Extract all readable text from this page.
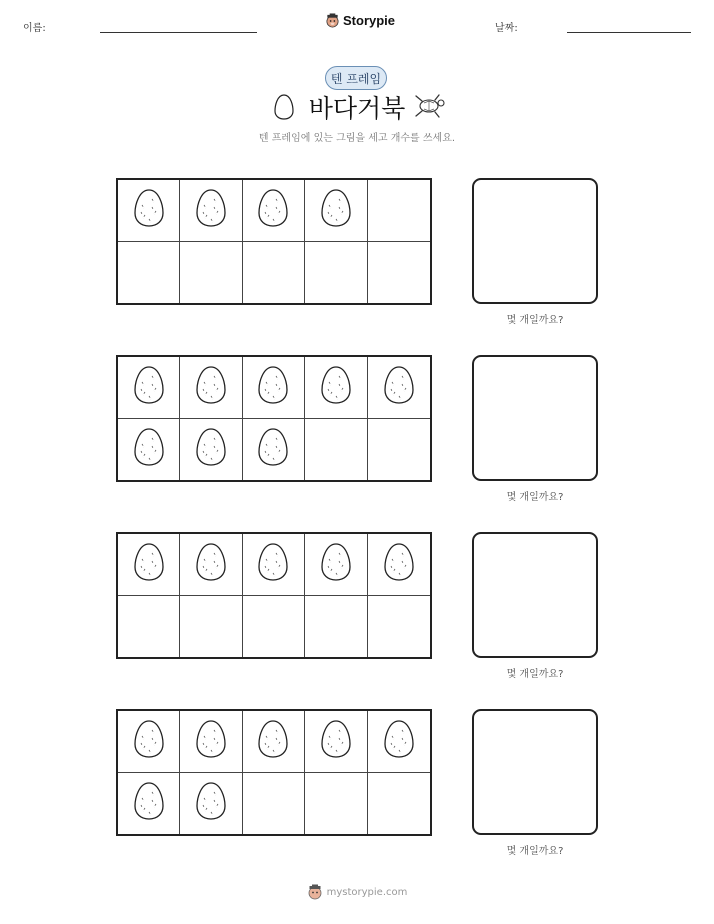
이름:
Storypie
날짜:
텐 프레임
바다거북
텐 프레임에 있는 그림을 세고 개수를 쓰세요.
몇 개일까요?
몇 개일까요?
몇 개일까요?
몇 개일까요?
mystorypie.com
